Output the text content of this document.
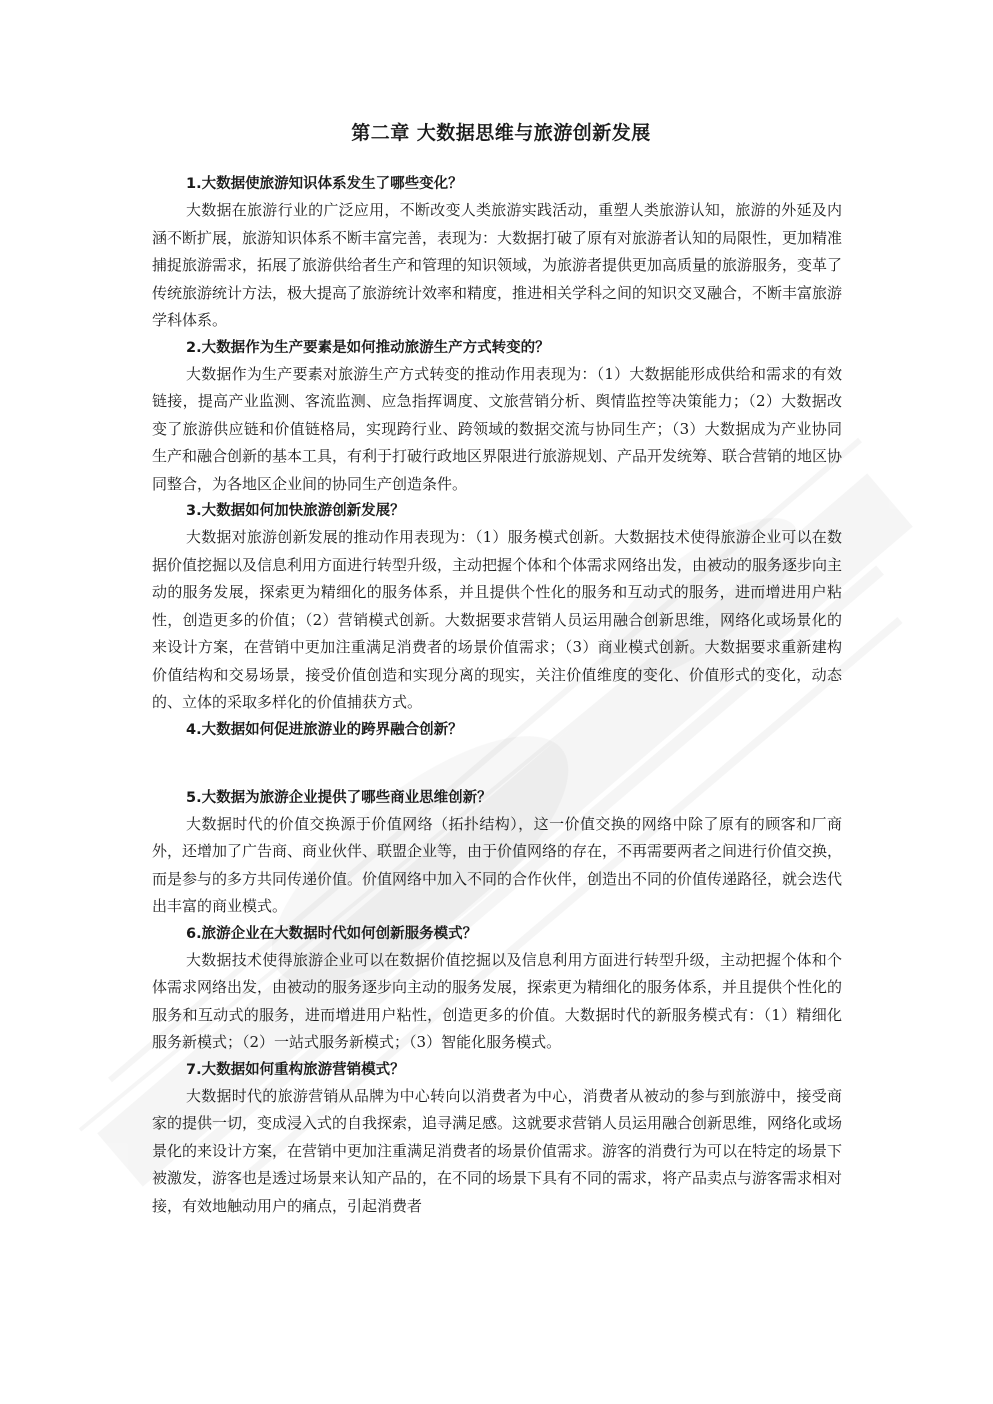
第二章 大数据思维与旅游创新发展

1.大数据使旅游知识体系发生了哪些变化？

大数据在旅游行业的广泛应用，不断改变人类旅游实践活动，重塑人类旅游认知，旅游的外延及内涵不断扩展，旅游知识体系不断丰富完善，表现为：大数据打破了原有对旅游者认知的局限性，更加精准捕捉旅游需求，拓展了旅游供给者生产和管理的知识领域，为旅游者提供更加高质量的旅游服务，变革了传统旅游统计方法，极大提高了旅游统计效率和精度，推进相关学科之间的知识交叉融合，不断丰富旅游学科体系。

2.大数据作为生产要素是如何推动旅游生产方式转变的？

大数据作为生产要素对旅游生产方式转变的推动作用表现为：（1）大数据能形成供给和需求的有效链接，提高产业监测、客流监测、应急指挥调度、文旅营销分析、舆情监控等决策能力；（2）大数据改变了旅游供应链和价值链格局，实现跨行业、跨领域的数据交流与协同生产；（3）大数据成为产业协同生产和融合创新的基本工具，有利于打破行政地区界限进行旅游规划、产品开发统筹、联合营销的地区协同整合，为各地区企业间的协同生产创造条件。

3.大数据如何加快旅游创新发展？

大数据对旅游创新发展的推动作用表现为：（1）服务模式创新。大数据技术使得旅游企业可以在数据价值挖掘以及信息利用方面进行转型升级，主动把握个体和个体需求网络出发，由被动的服务逐步向主动的服务发展，探索更为精细化的服务体系，并且提供个性化的服务和互动式的服务，进而增进用户粘性，创造更多的价值；（2）营销模式创新。大数据要求营销人员运用融合创新思维，网络化或场景化的来设计方案，在营销中更加注重满足消费者的场景价值需求；（3）商业模式创新。大数据要求重新建构价值结构和交易场景，接受价值创造和实现分离的现实，关注价值维度的变化、价值形式的变化，动态的、立体的采取多样化的价值捕获方式。

4.大数据如何促进旅游业的跨界融合创新？

5.大数据为旅游企业提供了哪些商业思维创新？

大数据时代的价值交换源于价值网络（拓扑结构），这一价值交换的网络中除了原有的顾客和厂商外，还增加了广告商、商业伙伴、联盟企业等，由于价值网络的存在，不再需要两者之间进行价值交换，而是参与的多方共同传递价值。价值网络中加入不同的合作伙伴，创造出不同的价值传递路径，就会迭代出丰富的商业模式。

6.旅游企业在大数据时代如何创新服务模式？

大数据技术使得旅游企业可以在数据价值挖掘以及信息利用方面进行转型升级，主动把握个体和个体需求网络出发，由被动的服务逐步向主动的服务发展，探索更为精细化的服务体系，并且提供个性化的服务和互动式的服务，进而增进用户粘性，创造更多的价值。大数据时代的新服务模式有：（1）精细化服务新模式；（2）一站式服务新模式；（3）智能化服务模式。

7.大数据如何重构旅游营销模式？

大数据时代的旅游营销从品牌为中心转向以消费者为中心，消费者从被动的参与到旅游中，接受商家的提供一切，变成浸入式的自我探索，追寻满足感。这就要求营销人员运用融合创新思维，网络化或场景化的来设计方案，在营销中更加注重满足消费者的场景价值需求。游客的消费行为可以在特定的场景下被激发，游客也是透过场景来认知产品的，在不同的场景下具有不同的需求，将产品卖点与游客需求相对接，有效地触动用户的痛点，引起消费者
